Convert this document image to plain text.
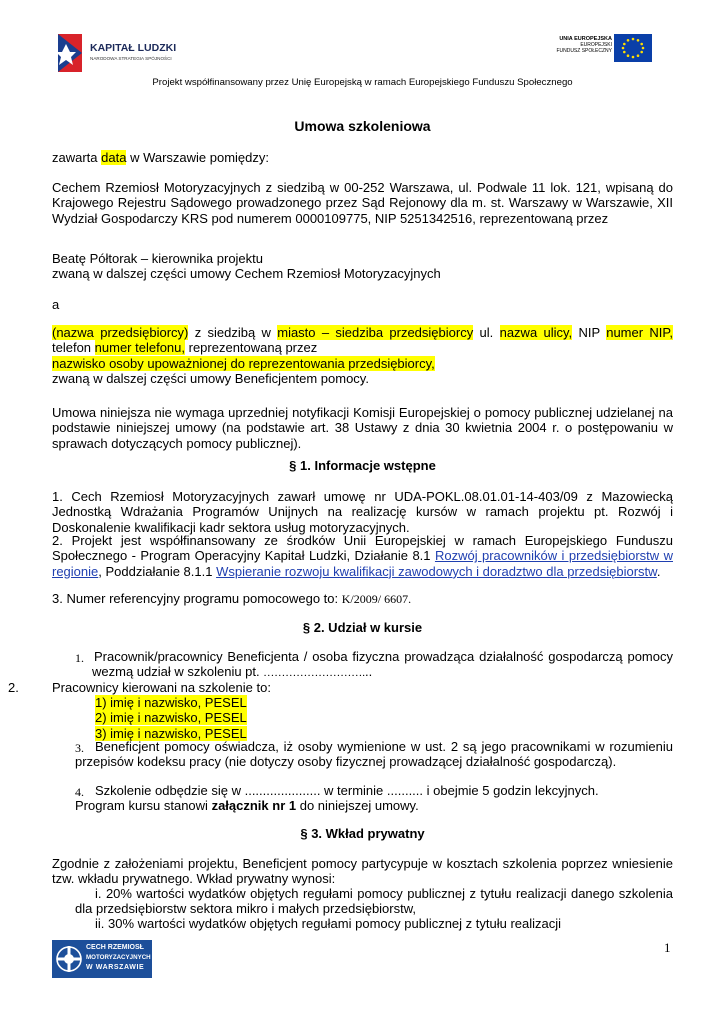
KAPITAŁ LUDZKI
NARODOWA STRATEGIA SPÓJNOŚCI
UNIA EUROPEJSKA
EUROPEJSKI
FUNDUSZ SPOŁECZNY
Projekt współfinansowany przez Unię Europejską w ramach Europejskiego Funduszu Społecznego
Umowa szkoleniowa
zawarta data w Warszawie pomiędzy:
Cechem Rzemiosł Motoryzacyjnych z siedzibą w 00-252 Warszawa, ul. Podwale 11 lok. 121, wpisaną do Krajowego Rejestru Sądowego prowadzonego przez Sąd Rejonowy dla m. st. Warszawy w Warszawie, XII Wydział Gospodarczy KRS pod numerem 0000109775, NIP 5251342516, reprezentowaną przez
Beatę Półtorak – kierownika projektu
zwaną w dalszej części umowy Cechem Rzemiosł Motoryzacyjnych
a
(nazwa przedsiębiorcy) z siedzibą w miasto – siedziba przedsiębiorcy ul. nazwa ulicy, NIP numer NIP, telefon numer telefonu, reprezentowaną przez
nazwisko osoby upoważnionej do reprezentowania przedsiębiorcy,
zwaną w dalszej części umowy Beneficjentem pomocy.
Umowa niniejsza nie wymaga uprzedniej notyfikacji Komisji Europejskiej o pomocy publicznej udzielanej na podstawie niniejszej umowy (na podstawie art. 38 Ustawy z dnia 30 kwietnia 2004 r. o postępowaniu w sprawach dotyczących pomocy publicznej).
§ 1. Informacje wstępne
1. Cech Rzemiosł Motoryzacyjnych zawarł umowę nr UDA-POKL.08.01.01-14-403/09 z Mazowiecką Jednostką Wdrażania Programów Unijnych na realizację kursów w ramach projektu pt. Rozwój i Doskonalenie kwalifikacji kadr sektora usług motoryzacyjnych.
2. Projekt jest współfinansowany ze środków Unii Europejskiej w ramach Europejskiego Funduszu Społecznego - Program Operacyjny Kapitał Ludzki, Działanie 8.1 Rozwój pracowników i przedsiębiorstw w regionie, Poddziałanie 8.1.1 Wspieranie rozwoju kwalifikacji zawodowych i doradztwo dla przedsiębiorstw.
3. Numer referencyjny programu pomocowego to: K/2009/ 6607.
§ 2. Udział w kursie
1. Pracownik/pracownicy Beneficjenta / osoba fizyczna prowadząca działalność gospodarczą pomocy wezmą udział w szkoleniu pt. ………………………...
2.	Pracownicy kierowani na szkolenie to:
1) imię i nazwisko, PESEL
2) imię i nazwisko, PESEL
3) imię i nazwisko, PESEL
3. Beneficjent pomocy oświadcza, iż osoby wymienione w ust. 2 są jego pracownikami w rozumieniu przepisów kodeksu pracy (nie dotyczy osoby fizycznej prowadzącej działalność gospodarczą).
4. Szkolenie odbędzie się w ..................... w terminie .......... i obejmie 5 godzin lekcyjnych.
Program kursu stanowi załącznik nr 1 do niniejszej umowy.
§ 3. Wkład prywatny
Zgodnie z założeniami projektu, Beneficjent pomocy partycypuje w kosztach szkolenia poprzez wniesienie tzw. wkładu prywatnego. Wkład prywatny wynosi:
i. 20% wartości wydatków objętych regułami pomocy publicznej z tytułu realizacji danego szkolenia dla przedsiębiorstw sektora mikro i małych przedsiębiorstw,
ii. 30% wartości wydatków objętych regułami pomocy publicznej z tytułu realizacji
1
CECH RZEMIOSŁ
MOTORYZACYJNYCH
W WARSZAWIE
